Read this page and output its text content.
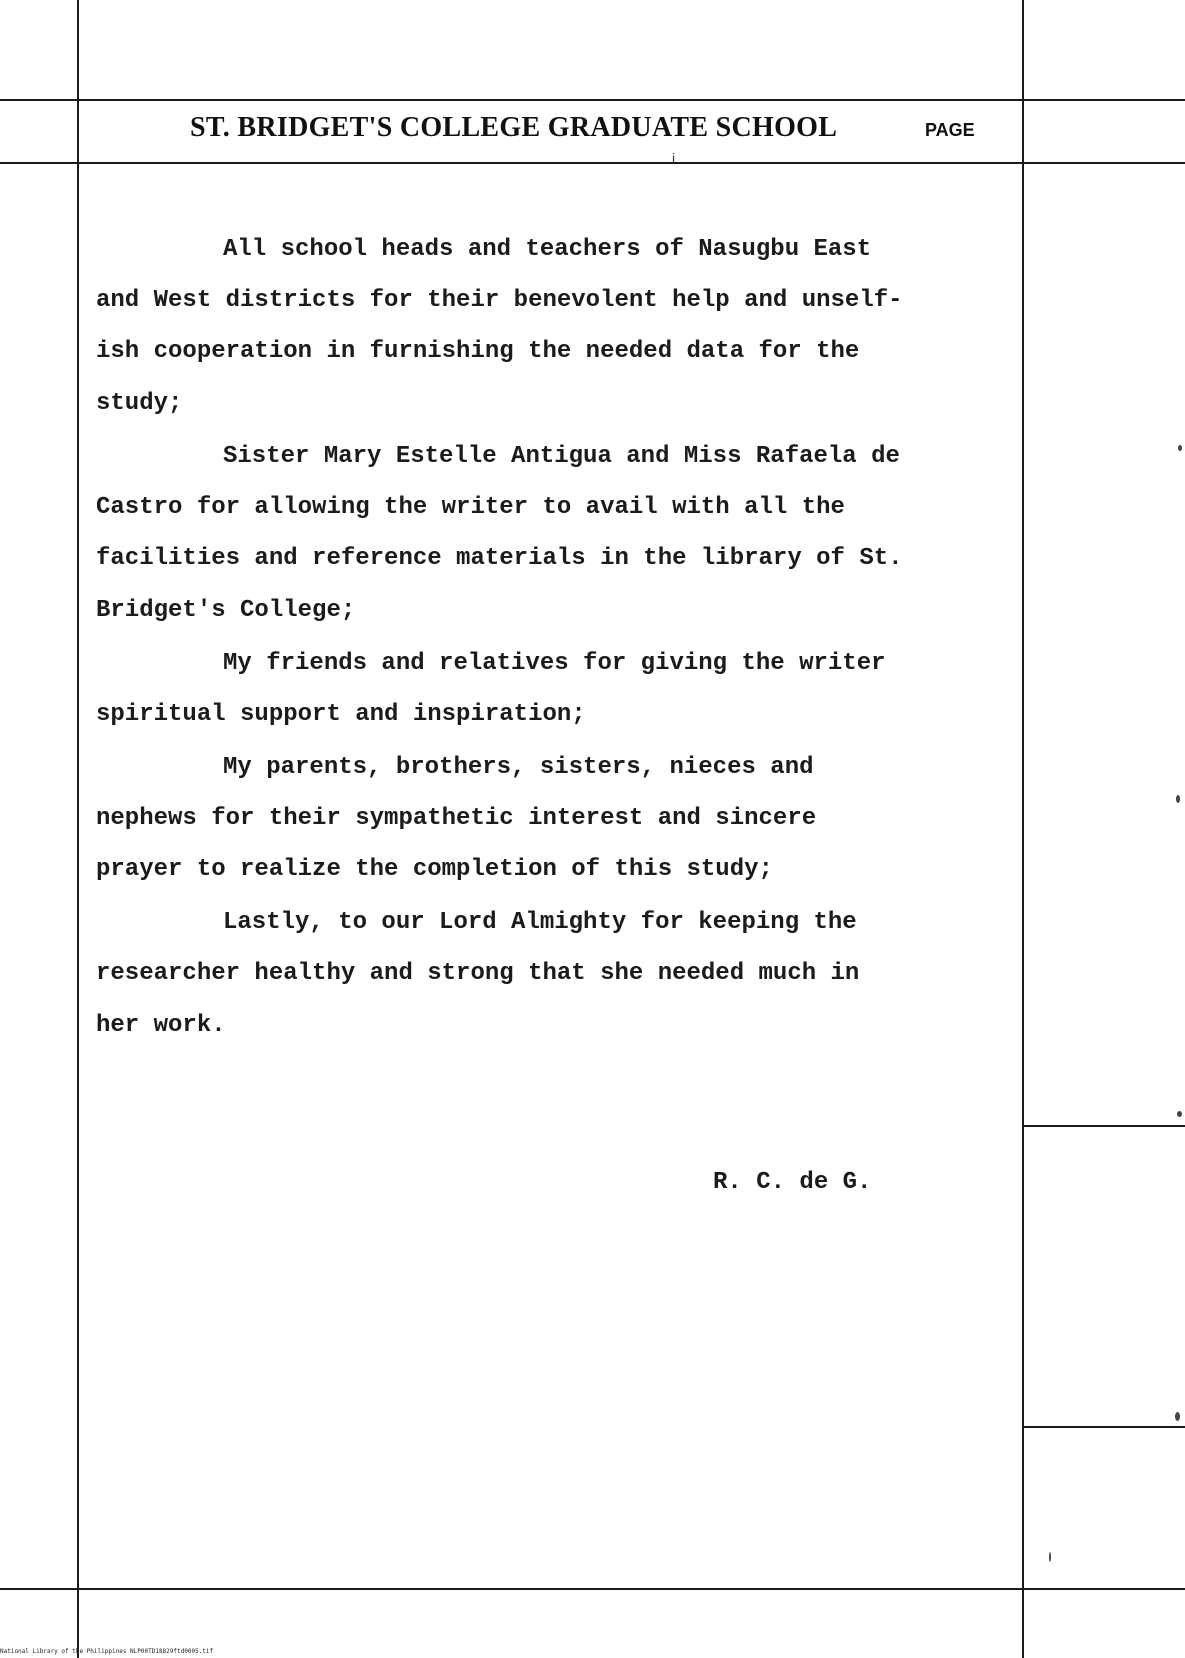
ST. BRIDGET'S COLLEGE GRADUATE SCHOOL	PAGE
i
All school heads and teachers of Nasugbu East
and West districts for their benevolent help and unself-
ish cooperation in furnishing the needed data for the
study;
Sister Mary Estelle Antigua and Miss Rafaela de
Castro for allowing the writer to avail with all the
facilities and reference materials in the library of St.
Bridget's College;
My friends and relatives for giving the writer
spiritual support and inspiration;
My parents, brothers, sisters, nieces and
nephews for their sympathetic interest and sincere
prayer to realize the completion of this study;
Lastly, to our Lord Almighty for keeping the
researcher healthy and strong that she needed much in
her work.
R. C. de G.
National Library of the Philippines NLP00TD18829ftd0005.tif
